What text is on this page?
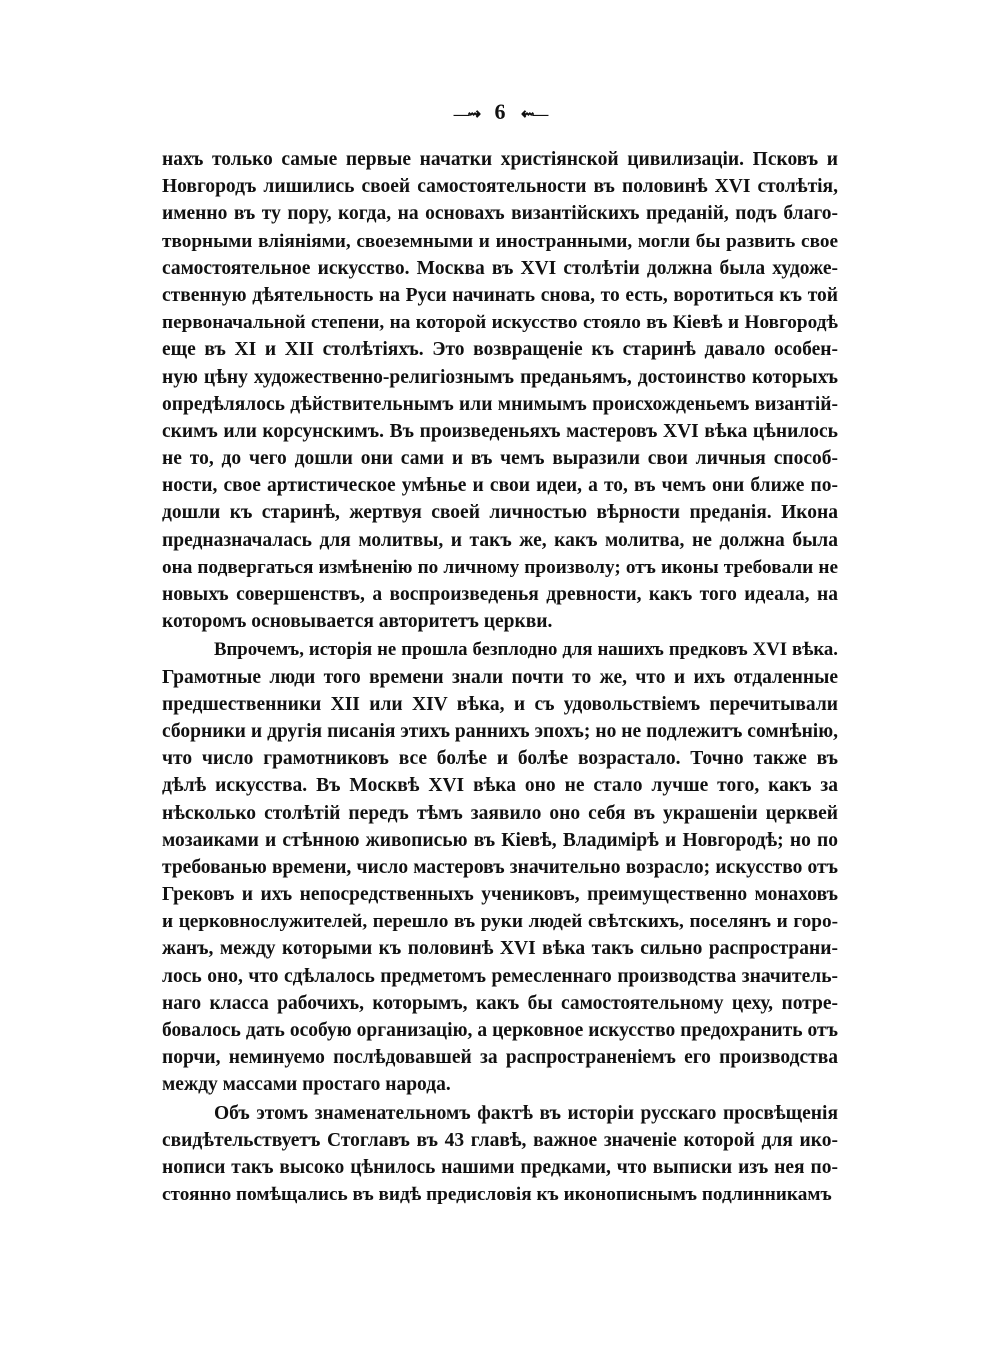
—⇝ 6 ⇜—
нахъ только самые первые начатки христіянской цивилизаціи. Псковъ и
Новгородъ лишились своей самостоятельности въ половинѣ XVI столѣтія,
именно въ ту пору, когда, на основахъ византійскихъ преданій, подъ благо-
творными вліяніями, своеземными и иностранными, могли бы развить свое
самостоятельное искусство. Москва въ XVI столѣтіи должна была художе-
ственную дѣятельность на Руси начинать снова, то есть, воротиться къ той
первоначальной степени, на которой искусство стояло въ Кіевѣ и Новгородѣ
еще въ XI и XII столѣтіяхъ. Это возвращеніе къ старинѣ давало особен-
ную цѣну художественно-религіознымъ преданьямъ, достоинство которыхъ
опредѣлялось дѣйствительнымъ или мнимымъ происхожденьемъ византій-
скимъ или корсунскимъ. Въ произведеньяхъ мастеровъ XVI вѣка цѣнилось
не то, до чего дошли они сами и въ чемъ выразили свои личныя способ-
ности, свое артистическое умѣнье и свои идеи, а то, въ чемъ они ближе по-
дошли къ старинѣ, жертвуя своей личностью вѣрности преданія. Икона
предназначалась для молитвы, и такъ же, какъ молитва, не должна была
она подвергаться измѣненію по личному произволу; отъ иконы требовали не
новыхъ совершенствъ, а воспроизведенья древности, какъ того идеала, на
которомъ основывается авторитетъ церкви.
Впрочемъ, исторія не прошла безплодно для нашихъ предковъ XVI вѣка.
Грамотные люди того времени знали почти то же, что и ихъ отдаленные
предшественники XII или XIV вѣка, и съ удовольствіемъ перечитывали
сборники и другія писанія этихъ раннихъ эпохъ; но не подлежитъ сомнѣнію,
что число грамотниковъ все болѣе и болѣе возрастало. Точно также въ
дѣлѣ искусства. Въ Москвѣ XVI вѣка оно не стало лучше того, какъ за
нѣсколько столѣтій передъ тѣмъ заявило оно себя въ украшеніи церквей
мозаиками и стѣнною живописью въ Кіевѣ, Владимірѣ и Новгородѣ; но по
требованью времени, число мастеровъ значительно возрасло; искусство отъ
Грековъ и ихъ непосредственныхъ учениковъ, преимущественно монаховъ
и церковнослужителей, перешло въ руки людей свѣтскихъ, поселянъ и горо-
жанъ, между которыми къ половинѣ XVI вѣка такъ сильно распространи-
лось оно, что сдѣлалось предметомъ ремесленнаго производства значитель-
наго класса рабочихъ, которымъ, какъ бы самостоятельному цеху, потре-
бовалось дать особую организацію, а церковное искусство предохранить отъ
порчи, неминуемо послѣдовавшей за распространеніемъ его производства
между массами простаго народа.
Объ этомъ знаменательномъ фактѣ въ исторіи русскаго просвѣщенія
свидѣтельствуетъ Стоглавъ въ 43 главѣ, важное значеніе которой для ико-
нописи такъ высоко цѣнилось нашими предками, что выписки изъ нея по-
стоянно помѣщались въ видѣ предисловія къ иконописнымъ подлинникамъ
